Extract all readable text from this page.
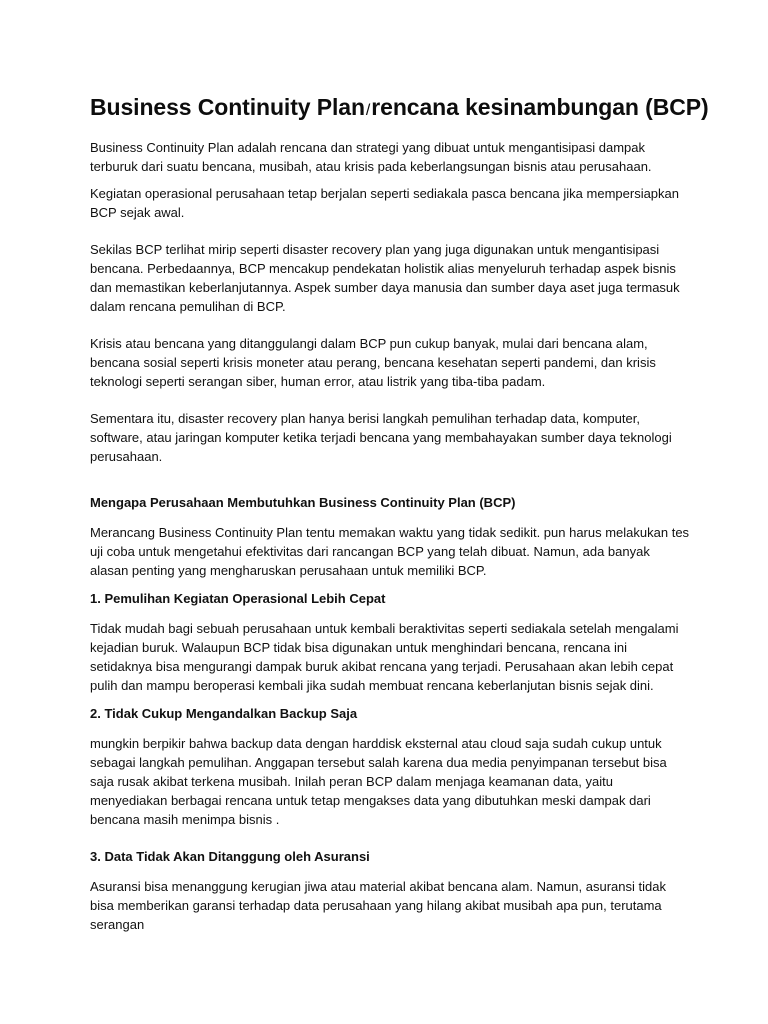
Business Continuity Plan/rencana kesinambungan (BCP)

Business Continuity Plan adalah rencana dan strategi yang dibuat untuk mengantisipasi dampak terburuk dari suatu bencana, musibah, atau krisis pada keberlangsungan bisnis atau perusahaan.

Kegiatan operasional perusahaan tetap berjalan seperti sediakala pasca bencana jika mempersiapkan BCP sejak awal.

Sekilas BCP terlihat mirip seperti disaster recovery plan yang juga digunakan untuk mengantisipasi bencana. Perbedaannya, BCP mencakup pendekatan holistik alias menyeluruh terhadap aspek bisnis dan memastikan keberlanjutannya. Aspek sumber daya manusia dan sumber daya aset juga termasuk dalam rencana pemulihan di BCP.

Krisis atau bencana yang ditanggulangi dalam BCP pun cukup banyak, mulai dari bencana alam, bencana sosial seperti krisis moneter atau perang, bencana kesehatan seperti pandemi, dan krisis teknologi seperti serangan siber, human error, atau listrik yang tiba-tiba padam.

Sementara itu, disaster recovery plan hanya berisi langkah pemulihan terhadap data, komputer, software, atau jaringan komputer ketika terjadi bencana yang membahayakan sumber daya teknologi perusahaan.

Mengapa Perusahaan Membutuhkan Business Continuity Plan (BCP)

Merancang Business Continuity Plan tentu memakan waktu yang tidak sedikit. pun harus melakukan tes uji coba untuk mengetahui efektivitas dari rancangan BCP yang telah dibuat. Namun, ada banyak alasan penting yang mengharuskan perusahaan untuk memiliki BCP.

1. Pemulihan Kegiatan Operasional Lebih Cepat

Tidak mudah bagi sebuah perusahaan untuk kembali beraktivitas seperti sediakala setelah mengalami kejadian buruk. Walaupun BCP tidak bisa digunakan untuk menghindari bencana, rencana ini setidaknya bisa mengurangi dampak buruk akibat rencana yang terjadi. Perusahaan akan lebih cepat pulih dan mampu beroperasi kembali jika sudah membuat rencana keberlanjutan bisnis sejak dini.

2. Tidak Cukup Mengandalkan Backup Saja

mungkin berpikir bahwa backup data dengan harddisk eksternal atau cloud saja sudah cukup untuk sebagai langkah pemulihan. Anggapan tersebut salah karena dua media penyimpanan tersebut bisa saja rusak akibat terkena musibah. Inilah peran BCP dalam menjaga keamanan data, yaitu menyediakan berbagai rencana untuk tetap mengakses data yang dibutuhkan meski dampak dari bencana masih menimpa bisnis .

3. Data Tidak Akan Ditanggung oleh Asuransi

Asuransi bisa menanggung kerugian jiwa atau material akibat bencana alam. Namun, asuransi tidak bisa memberikan garansi terhadap data perusahaan yang hilang akibat musibah apa pun, terutama serangan
